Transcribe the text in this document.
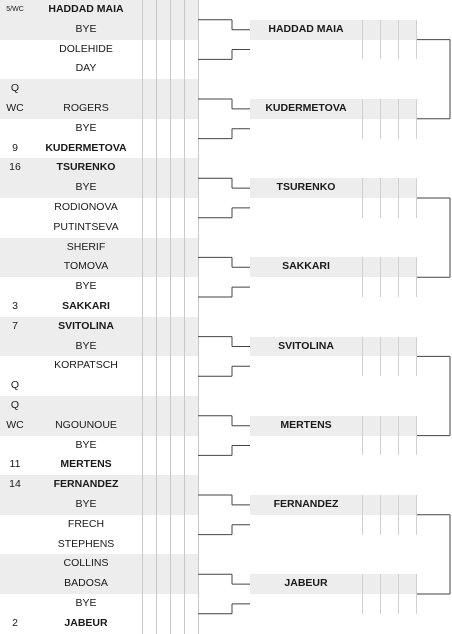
5/WC	HADDAD MAIA
BYE
DOLEHIDE
DAY
Q
WC	ROGERS
BYE
9	KUDERMETOVA
16	TSURENKO
BYE
RODIONOVA
PUTINTSEVA
SHERIF
TOMOVA
BYE
3	SAKKARI
7	SVITOLINA
BYE
KORPATSCH
Q
Q
WC	NGOUNOUE
BYE
11	MERTENS
14	FERNANDEZ
BYE
FRECH
STEPHENS
COLLINS
BADOSA
BYE
2	JABEUR
HADDAD MAIA
KUDERMETOVA
TSURENKO
SAKKARI
SVITOLINA
MERTENS
FERNANDEZ
JABEUR
